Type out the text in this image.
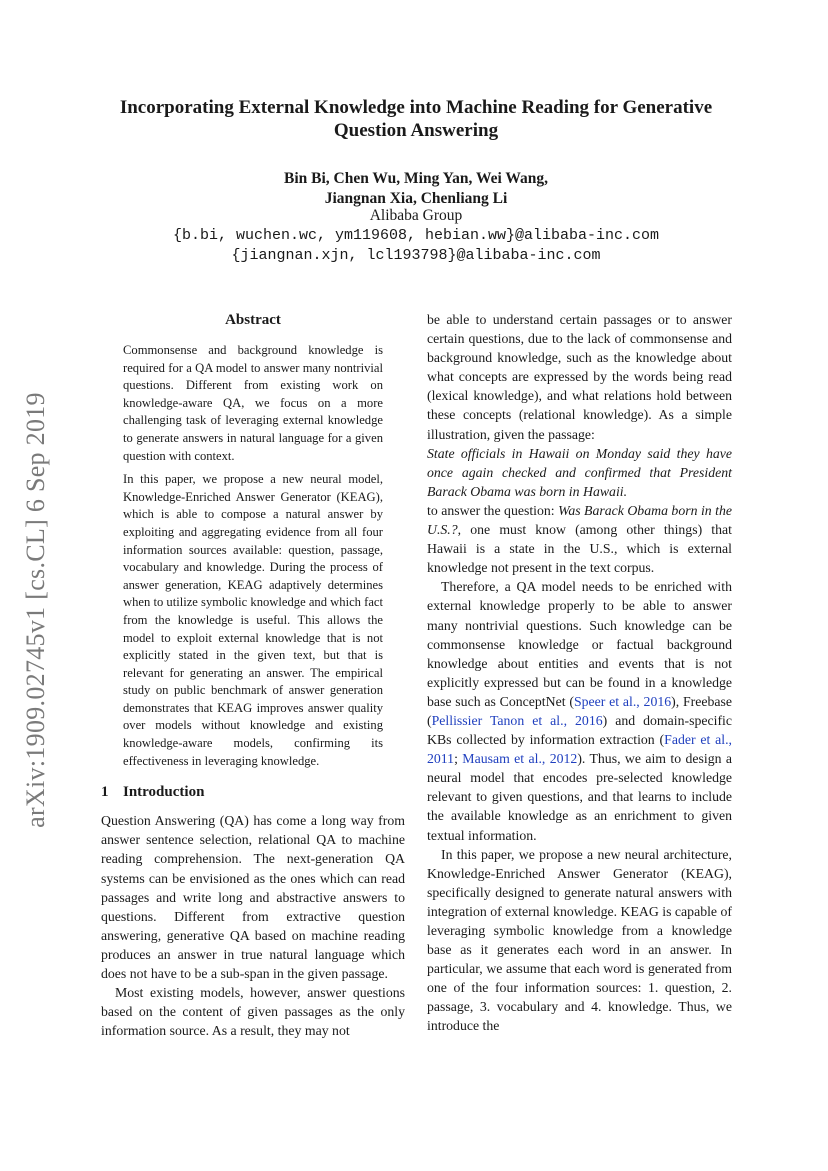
arXiv:1909.02745v1 [cs.CL] 6 Sep 2019
Incorporating External Knowledge into Machine Reading for Generative Question Answering
Bin Bi, Chen Wu, Ming Yan, Wei Wang,
Jiangnan Xia, Chenliang Li
Alibaba Group
{b.bi, wuchen.wc, ym119608, hebian.ww}@alibaba-inc.com
{jiangnan.xjn, lcl193798}@alibaba-inc.com
Abstract

Commonsense and background knowledge is required for a QA model to answer many nontrivial questions. Different from existing work on knowledge-aware QA, we focus on a more challenging task of leveraging external knowledge to generate answers in natural language for a given question with context.

In this paper, we propose a new neural model, Knowledge-Enriched Answer Generator (KEAG), which is able to compose a natural answer by exploiting and aggregating evidence from all four information sources available: question, passage, vocabulary and knowledge. During the process of answer generation, KEAG adaptively determines when to utilize symbolic knowledge and which fact from the knowledge is useful. This allows the model to exploit external knowledge that is not explicitly stated in the given text, but that is relevant for generating an answer. The empirical study on public benchmark of answer generation demonstrates that KEAG improves answer quality over models without knowledge and existing knowledge-aware models, confirming its effectiveness in leveraging knowledge.

1 Introduction

Question Answering (QA) has come a long way from answer sentence selection, relational QA to machine reading comprehension. The next-generation QA systems can be envisioned as the ones which can read passages and write long and abstractive answers to questions. Different from extractive question answering, generative QA based on machine reading produces an answer in true natural language which does not have to be a sub-span in the given passage.

Most existing models, however, answer questions based on the content of given passages as the only information source. As a result, they may not

be able to understand certain passages or to answer certain questions, due to the lack of commonsense and background knowledge, such as the knowledge about what concepts are expressed by the words being read (lexical knowledge), and what relations hold between these concepts (relational knowledge). As a simple illustration, given the passage:

State officials in Hawaii on Monday said they have once again checked and confirmed that President Barack Obama was born in Hawaii.

to answer the question: Was Barack Obama born in the U.S.?, one must know (among other things) that Hawaii is a state in the U.S., which is external knowledge not present in the text corpus.

Therefore, a QA model needs to be enriched with external knowledge properly to be able to answer many nontrivial questions. Such knowledge can be commonsense knowledge or factual background knowledge about entities and events that is not explicitly expressed but can be found in a knowledge base such as ConceptNet (Speer et al., 2016), Freebase (Pellissier Tanon et al., 2016) and domain-specific KBs collected by information extraction (Fader et al., 2011; Mausam et al., 2012). Thus, we aim to design a neural model that encodes pre-selected knowledge relevant to given questions, and that learns to include the available knowledge as an enrichment to given textual information.

In this paper, we propose a new neural architecture, Knowledge-Enriched Answer Generator (KEAG), specifically designed to generate natural answers with integration of external knowledge. KEAG is capable of leveraging symbolic knowledge from a knowledge base as it generates each word in an answer. In particular, we assume that each word is generated from one of the four information sources: 1. question, 2. passage, 3. vocabulary and 4. knowledge. Thus, we introduce the
